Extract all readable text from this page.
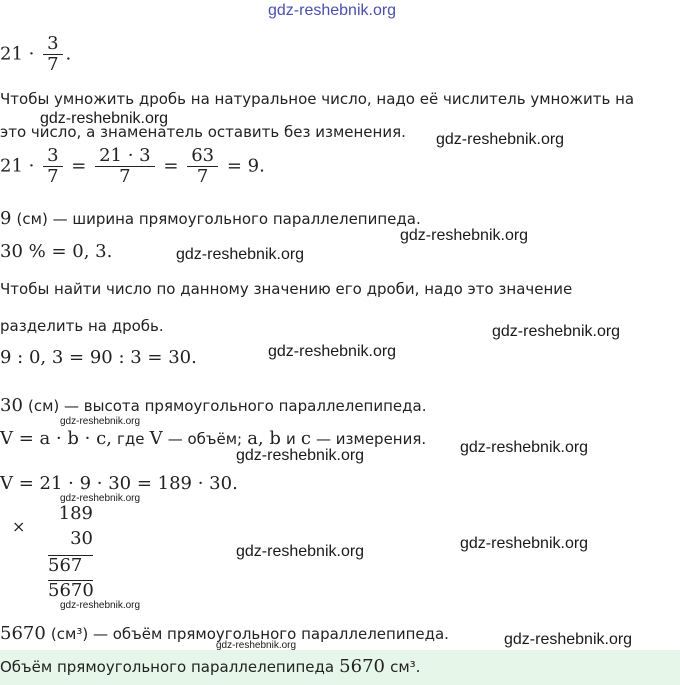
gdz-reshebnik.org
$21 \cdot \frac{3}{7}$ .
Чтобы умножить дробь на натуральное число, надо её числитель умножить на
gdz-reshebnik.org
это число, а знаменатель оставить без изменения. gdz-reshebnik.org
$21 \cdot \frac{3}{7} = \frac{21 \cdot 3}{7} = \frac{63}{7} = 9$.
9 (см) — ширина прямоугольного параллелепипеда.
gdz-reshebnik.org
30 % = 0, 3.	gdz-reshebnik.org
Чтобы найти число по данному значению его дроби, надо это значение
разделить на дробь.	gdz-reshebnik.org
9 : 0, 3 = 90 : 3 = 30.	gdz-reshebnik.org
30 (см) — высота прямоугольного параллелепипеда.
gdz-reshebnik.org
V = a · b · c, где V — объём; a, b и c — измерения.
gdz-reshebnik.org	gdz-reshebnik.org
V = 21 · 9 · 30 = 189 · 30.
gdz-reshebnik.org
×
189
30
567
5670
gdz-reshebnik.org	gdz-reshebnik.org
gdz-reshebnik.org
5670 (см³) — объём прямоугольного параллелепипеда.	gdz-reshebnik.org
gdz-reshebnik.org
Объём прямоугольного параллелепипеда 5670 см³.
